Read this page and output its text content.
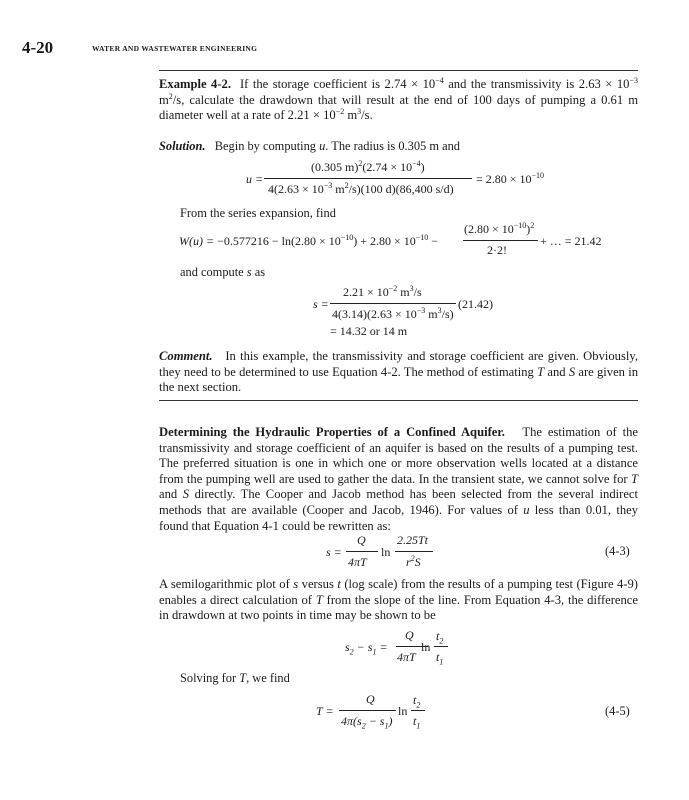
4-20	WATER AND WASTEWATER ENGINEERING
Example 4-2. If the storage coefficient is $2.74 \times 10^{-4}$ and the transmissivity is $2.63 \times 10^{-3}$ $m^2/s$, calculate the drawdown that will result at the end of 100 days of pumping a 0.61 m diameter well at a rate of $2.21 \times 10^{-2}$ $m^3/s$.
Solution. Begin by computing u. The radius is 0.305 m and
u =
(0.305 $m)^2(2.74 \times 10^{-4})$
$4(2.63 \times 10^{-3}$ $m^2/s)(100$ d)(86,400 s/d)
= $2.80 \times 10^{-10}$
From the series expansion, find
$W(u) = -0.577216 - \ln(2.80 \times 10^{-10}) + 2.80 \times 10^{-10}$ −
$(2.80 \times 10^{-10})^2$
2·2!
+ … = 21.42
and compute s as
s =
$2.21 \times 10^{-2}$ $m^3/s$
$4(3.14)(2.63 \times 10^{-3}$ $m^3/s$)
(21.42)
= 14.32 or 14 m
Comment. In this example, the transmissivity and storage coefficient are given. Obviously, they need to be determined to use Equation 4-2. The method of estimating T and S are given in the next section.
Determining the Hydraulic Properties of a Confined Aquifer. The estimation of the transmissivity and storage coefficient of an aquifer is based on the results of a pumping test. The preferred situation is one in which one or more observation wells located at a distance from the pumping well are used to gather the data. In the transient state, we cannot solve for T and S directly. The Cooper and Jacob method has been selected from the several indirect methods that are available (Cooper and Jacob, 1946). For values of u less than 0.01, they found that Equation 4-1 could be rewritten as:
s =
Q
4πT
ln
2.25Tt
$r^2S$
(4-3)
A semilogarithmic plot of s versus t (log scale) from the results of a pumping test (Figure 4-9) enables a direct calculation of T from the slope of the line. From Equation 4-3, the difference in drawdown at two points in time may be shown to be
$s_2 - s_1$ =
Q
4πT
ln
$t_2$
$t_1$
Solving for T, we find
T =
Q
$4\pi(s_2 - s_1)$
ln
$t_2$
$t_1$
(4-5)
